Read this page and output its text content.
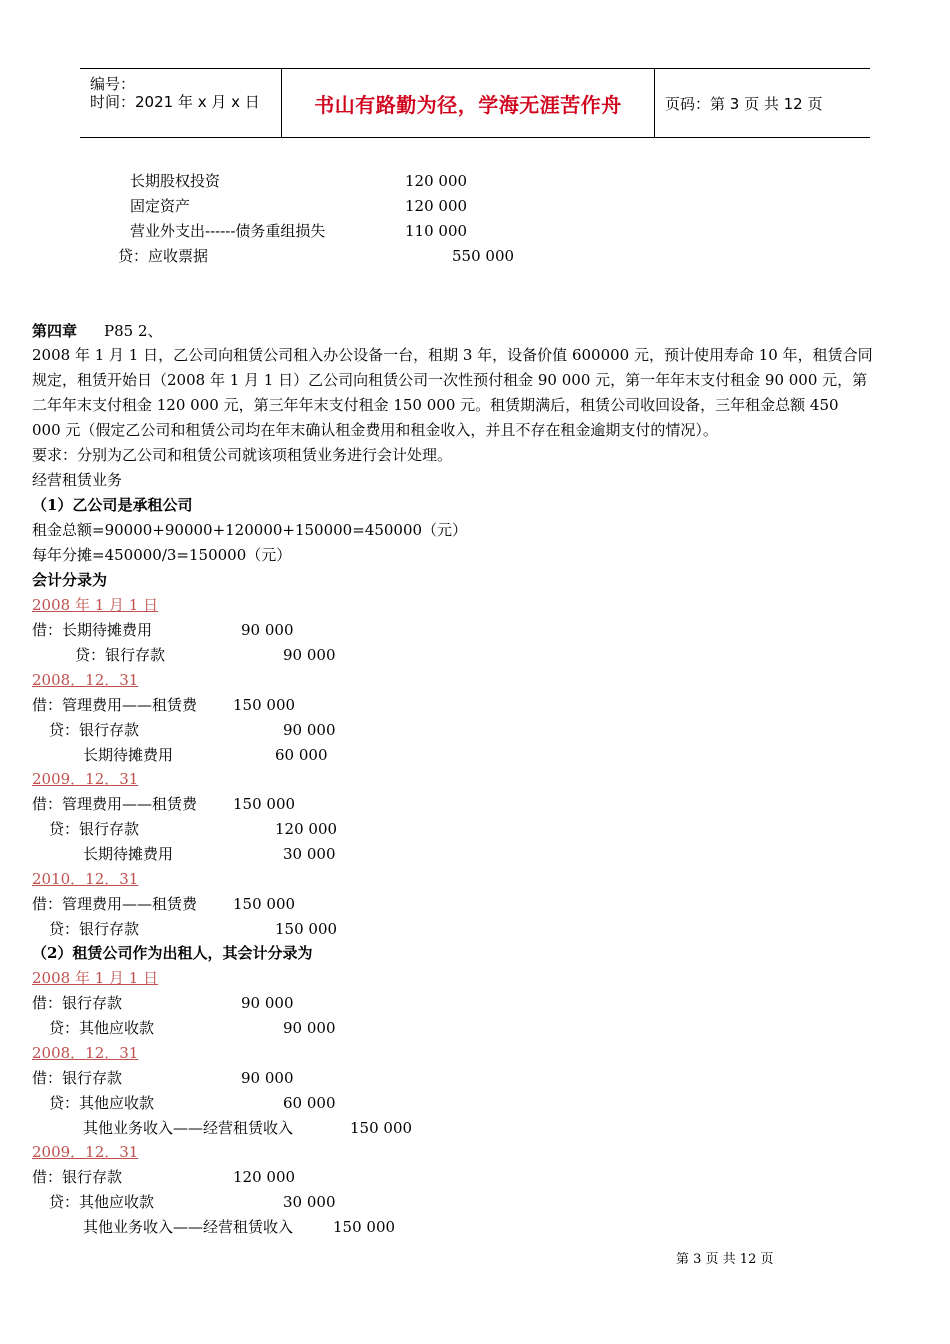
编号：
时间：2021 年 x 月 x 日	书山有路勤为径，学海无涯苦作舟	页码：第 3 页 共 12 页
长期股权投资	120 000
固定资产	120 000
营业外支出------债务重组损失	110 000
贷：应收票据	550 000
第四章 P85 2、
2008 年 1 月 1 日，乙公司向租赁公司租入办公设备一台，租期 3 年，设备价值 600000 元，预计使用寿命 10 年，租赁合同
规定，租赁开始日（2008 年 1 月 1 日）乙公司向租赁公司一次性预付租金 90 000 元，第一年年末支付租金 90 000 元，第
二年年末支付租金 120 000 元，第三年年末支付租金 150 000 元。租赁期满后，租赁公司收回设备，三年租金总额 450
000 元（假定乙公司和租赁公司均在年末确认租金费用和租金收入，并且不存在租金逾期支付的情况）。
要求：分别为乙公司和租赁公司就该项租赁业务进行会计处理。
经营租赁业务
（1）乙公司是承租公司
租金总额=90000+90000+120000+150000=450000（元）
每年分摊=450000/3=150000（元）
会计分录为
2008 年 1 月 1 日
借：长期待摊费用	90 000
贷：银行存款	90 000
2008．12．31
借：管理费用——租赁费 150 000
贷：银行存款	90 000
长期待摊费用	60 000
2009．12．31
借：管理费用——租赁费 150 000
贷：银行存款	120 000
长期待摊费用	30 000
2010．12．31
借：管理费用——租赁费 150 000
贷：银行存款	150 000
（2）租赁公司作为出租人，其会计分录为
2008 年 1 月 1 日
借：银行存款	90 000
贷：其他应收款	90 000
2008．12．31
借：银行存款	90 000
贷：其他应收款	60 000
其他业务收入——经营租赁收入	150 000
2009．12．31
借：银行存款	120 000
贷：其他应收款	30 000
其他业务收入——经营租赁收入	150 000
第 3 页 共 12 页
